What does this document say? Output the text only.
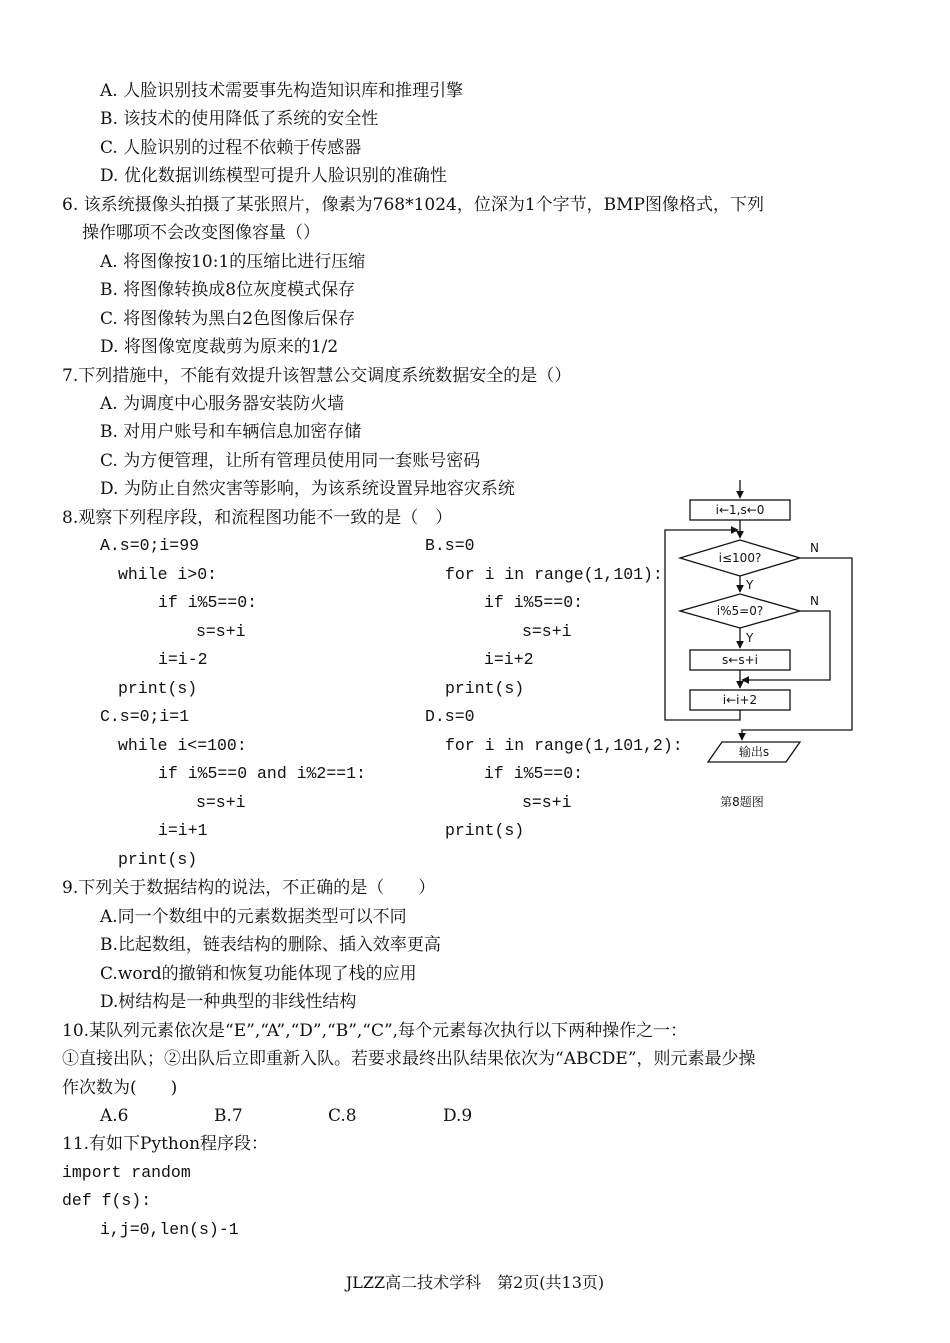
A. 人脸识别技术需要事先构造知识库和推理引擎
B. 该技术的使用降低了系统的安全性
C. 人脸识别的过程不依赖于传感器
D. 优化数据训练模型可提升人脸识别的准确性
6. 该系统摄像头拍摄了某张照片，像素为768*1024，位深为1个字节，BMP图像格式，下列
操作哪项不会改变图像容量（）
A. 将图像按10:1的压缩比进行压缩
B. 将图像转换成8位灰度模式保存
C. 将图像转为黑白2色图像后保存
D. 将图像宽度裁剪为原来的1/2
7.下列措施中，不能有效提升该智慧公交调度系统数据安全的是（）
A. 为调度中心服务器安装防火墙
B. 对用户账号和车辆信息加密存储
C. 为方便管理，让所有管理员使用同一套账号密码
D. 为防止自然灾害等影响，为该系统设置异地容灾系统
8.观察下列程序段，和流程图功能不一致的是（　）
A.s=0;i=99
while i>0:
if i%5==0:
s=s+i
i=i-2
print(s)
B.s=0
for i in range(1,101):
if i%5==0:
s=s+i
i=i+2
print(s)
C.s=0;i=1
while i<=100:
if i%5==0 and i%2==1:
s=s+i
i=i+1
print(s)
D.s=0
for i in range(1,101,2):
if i%5==0:
s=s+i
print(s)
i←1,s←0
i≤100?
Y
N
i%5=0?
Y
N
s←s+i
i←i+2
输出s
第8题图
9.下列关于数据结构的说法，不正确的是（　　）
A.同一个数组中的元素数据类型可以不同
B.比起数组，链表结构的删除、插入效率更高
C.word的撤销和恢复功能体现了栈的应用
D.树结构是一种典型的非线性结构
10.某队列元素依次是“E”,“A”,“D”,“B”,“C”,每个元素每次执行以下两种操作之一：
①直接出队；②出队后立即重新入队。若要求最终出队结果依次为“ABCDE”，则元素最少操
作次数为(　　)
A.6	B.7	C.8	D.9
11.有如下Python程序段：
import random
def f(s):
i,j=0,len(s)-1
JLZZ高二技术学科　第2页(共13页)
